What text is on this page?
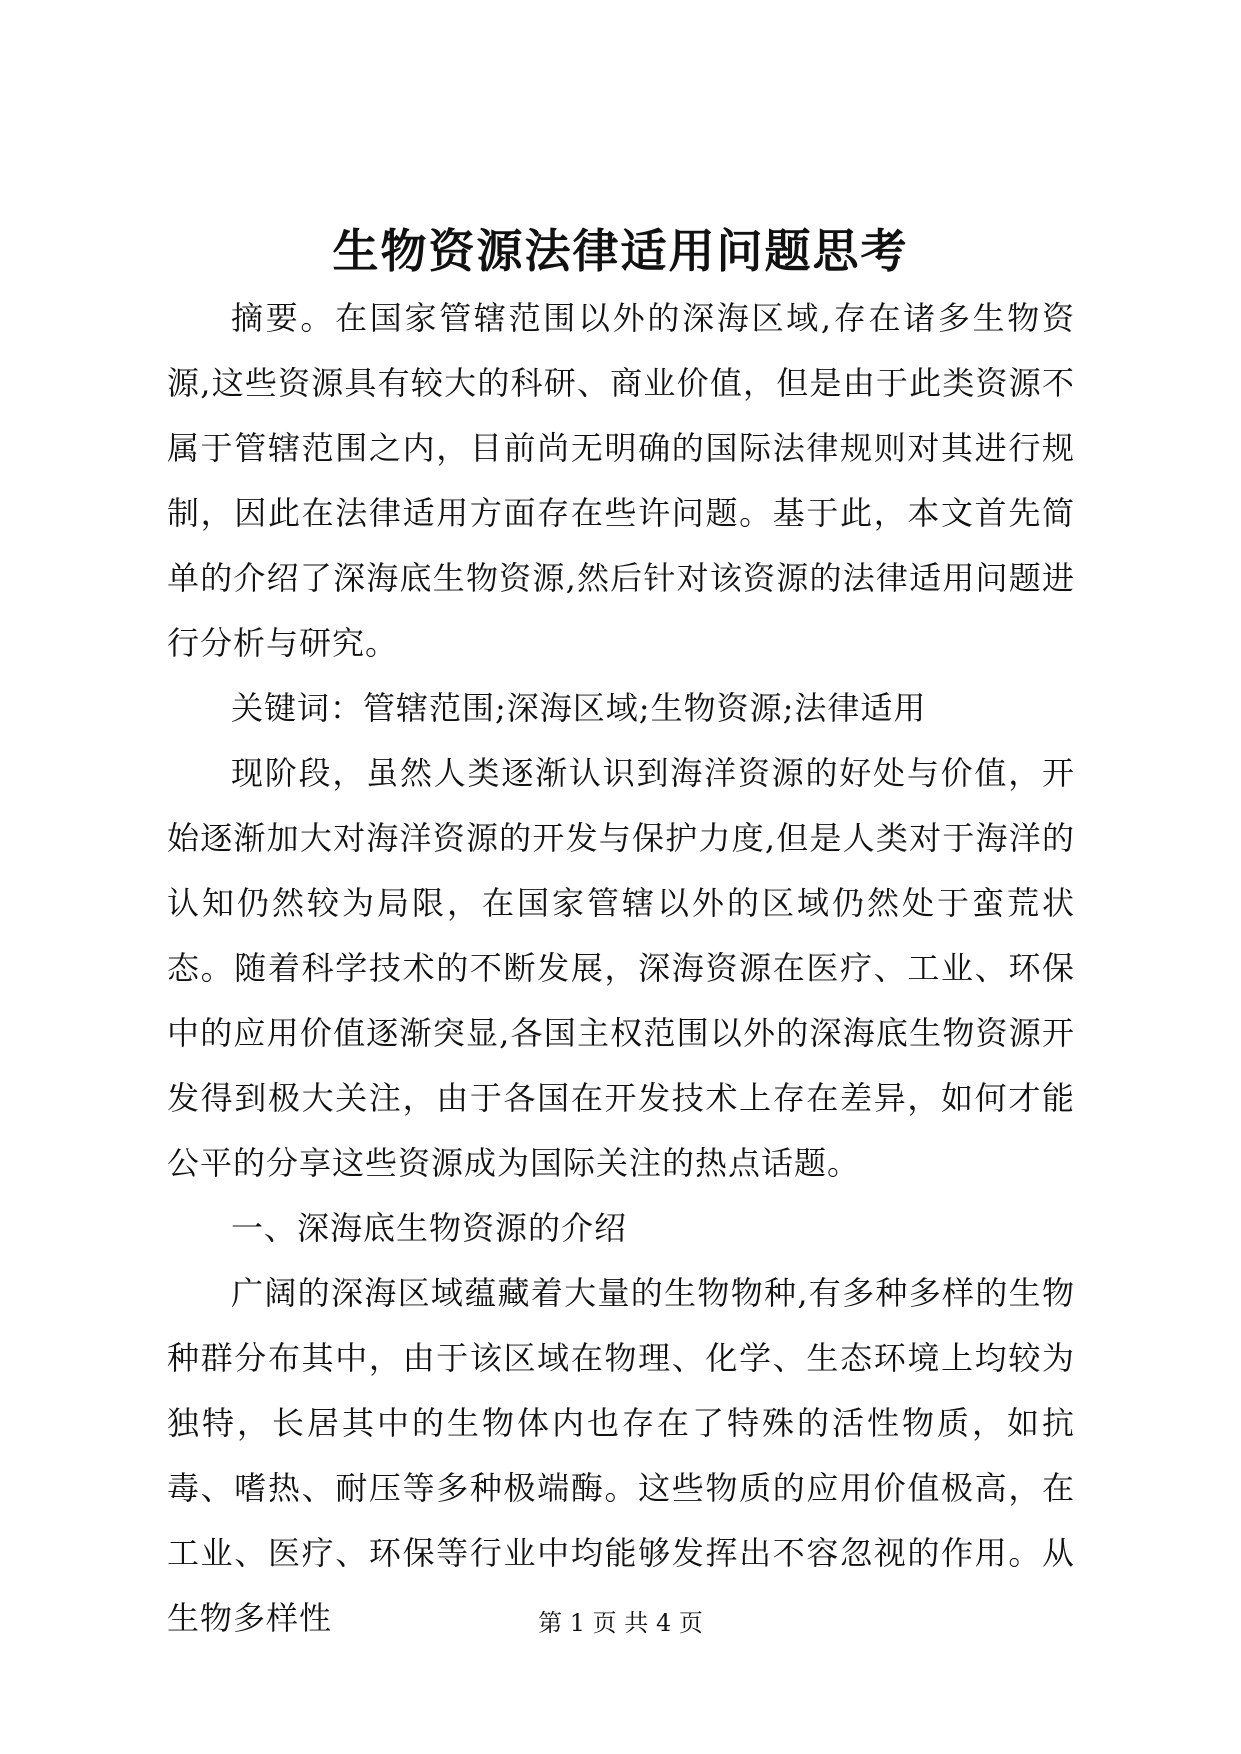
生物资源法律适用问题思考

摘要。在国家管辖范围以外的深海区域,存在诸多生物资源,这些资源具有较大的科研、商业价值，但是由于此类资源不属于管辖范围之内，目前尚无明确的国际法律规则对其进行规制，因此在法律适用方面存在些许问题。基于此，本文首先简单的介绍了深海底生物资源,然后针对该资源的法律适用问题进行分析与研究。

关键词：管辖范围;深海区域;生物资源;法律适用

现阶段，虽然人类逐渐认识到海洋资源的好处与价值，开始逐渐加大对海洋资源的开发与保护力度,但是人类对于海洋的认知仍然较为局限，在国家管辖以外的区域仍然处于蛮荒状态。随着科学技术的不断发展，深海资源在医疗、工业、环保中的应用价值逐渐突显,各国主权范围以外的深海底生物资源开发得到极大关注，由于各国在开发技术上存在差异，如何才能公平的分享这些资源成为国际关注的热点话题。

一、深海底生物资源的介绍

广阔的深海区域蕴藏着大量的生物物种,有多种多样的生物种群分布其中，由于该区域在物理、化学、生态环境上均较为独特，长居其中的生物体内也存在了特殊的活性物质，如抗毒、嗜热、耐压等多种极端酶。这些物质的应用价值极高，在工业、医疗、环保等行业中均能够发挥出不容忽视的作用。从生物多样性	第 1 页 共 4 页
